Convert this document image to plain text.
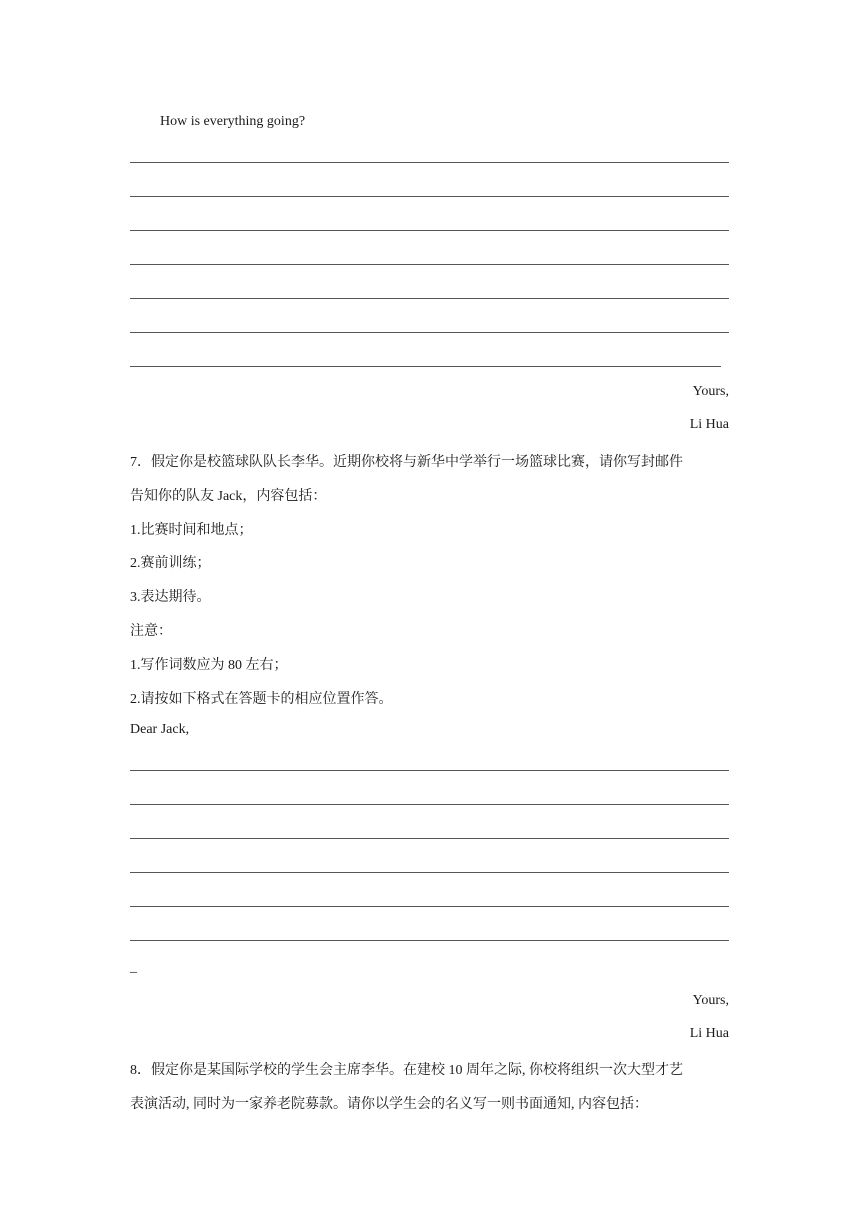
How is everything going?
Yours,
Li Hua
7．假定你是校篮球队队长李华。近期你校将与新华中学举行一场篮球比赛，请你写封邮件
告知你的队友 Jack，内容包括：
1.比赛时间和地点；
2.赛前训练；
3.表达期待。
注意：
1.写作词数应为 80 左右；
2.请按如下格式在答题卡的相应位置作答。
Dear Jack,
_
Yours,
Li Hua
8．假定你是某国际学校的学生会主席李华。在建校 10 周年之际, 你校将组织一次大型才艺
表演活动, 同时为一家养老院募款。请你以学生会的名义写一则书面通知, 内容包括：
